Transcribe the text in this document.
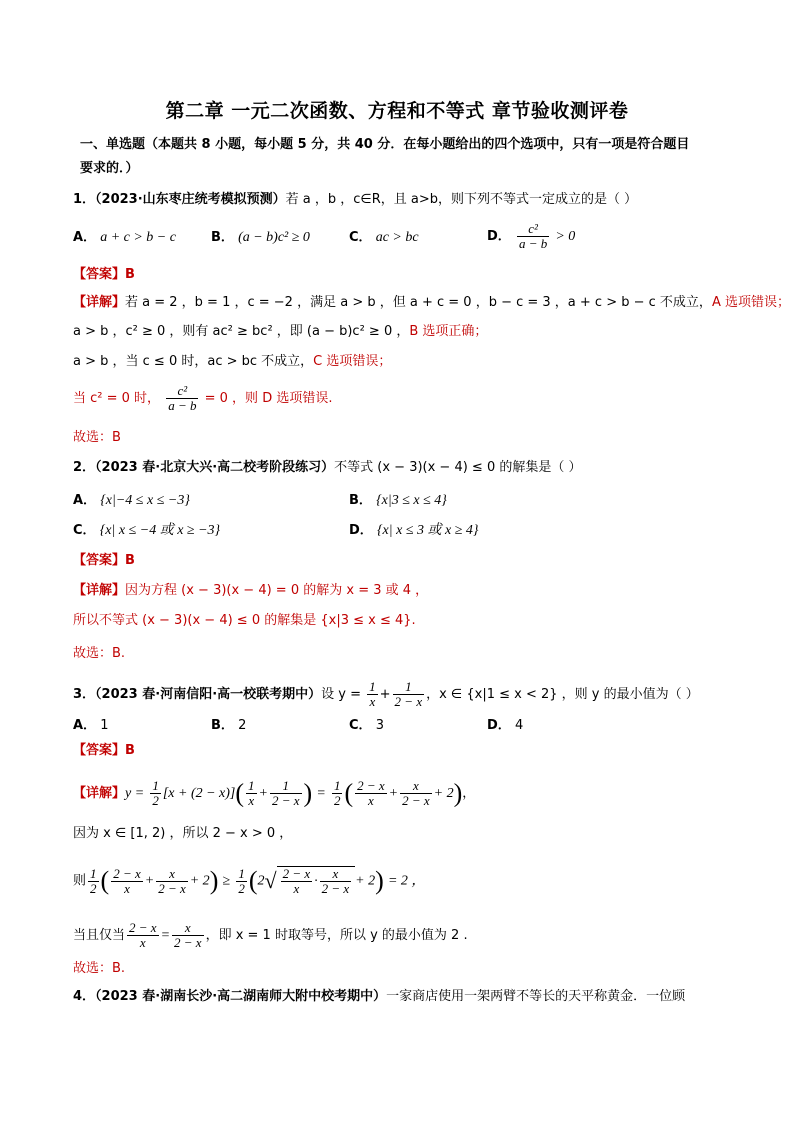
第二章 一元二次函数、方程和不等式 章节验收测评卷
一、单选题（本题共 8 小题，每小题 5 分，共 40 分．在每小题给出的四个选项中，只有一项是符合题目
要求的．）
1．（2023·山东枣庄统考模拟预测）若 a ，b ，c∈R，且 a>b，则下列不等式一定成立的是（ ）
A． a + c > b − c	B． (a − b)c² ≥ 0	C． ac > bc	D． $\frac{\text{c²}}{a - b} > 0$
【答案】B
【详解】若 a = 2 ，b = 1 ，c = −2 ，满足 a > b ，但 a + c = 0 ，b − c = 3 ，a + c > b − c 不成立，A 选项错误；
a > b ，c² ≥ 0 ，则有 ac² ≥ bc² ，即 (a − b)c² ≥ 0 ，B 选项正确；
a > b ，当 c ≤ 0 时，ac > bc 不成立，C 选项错误；
当 c² = 0 时， $\frac{\text{c²}}{a - b} = 0$ ，则 D 选项错误.
故选：B
2．（2023 春·北京大兴·高二校考阶段练习）不等式 (x − 3)(x − 4) ≤ 0 的解集是（ ）
A． {x|−4 ≤ x ≤ −3}	B． {x|3 ≤ x ≤ 4}
C． {x| x ≤ −4 或 x ≥ −3}	D． {x| x ≤ 3 或 x ≥ 4}
【答案】B
【详解】因为方程 (x − 3)(x − 4) = 0 的解为 x = 3 或 4 ，
所以不等式 (x − 3)(x − 4) ≤ 0 的解集是 {x|3 ≤ x ≤ 4}.
故选：B.
3．（2023 春·河南信阳·高一校联考期中）设 $y = \frac{1}{x} + \frac{1}{2 - x}$ ，x ∈ {x|1 ≤ x < 2} ，则 y 的最小值为（ ）
A． 1	B． 2	C． 3	D． 4
【答案】B
【详解】$y = \frac{1}{2} [x + (2 - x)]( \frac{1}{x} + \frac{1}{2 - x}$ ) = $\frac{1}{2}$ ( $\frac{2 - x}{x} + \frac{x}{2 - x} + 2$)，
因为 x ∈ [1, 2) ，所以 2 − x > 0 ，
则 $\frac{1}{2}$ ( $\frac{2 - x}{x} + \frac{x}{2 - x} + 2) \ge \frac{1}{2} (2√ \frac{2 - x}{x} \cdot \frac{x}{2 - x} + 2) = 2$ ，
当且仅当 $\frac{2 - x}{x} = \frac{x}{2 - x}$ ，即 x = 1 时取等号，所以 y 的最小值为 2 .
故选：B.
4．（2023 春·湖南长沙·高二湖南师大附中校考期中）一家商店使用一架两臂不等长的天平称黄金．一位顾
